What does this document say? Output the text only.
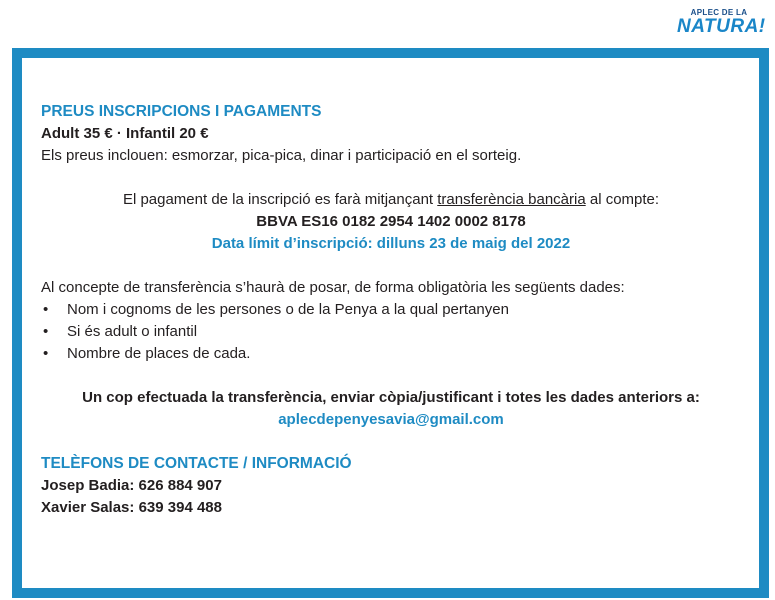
APLEC DE LA
NATURA!

PREUS INSCRIPCIONS I PAGAMENTS

Adult 35 € · Infantil 20 €

Els preus inclouen: esmorzar, pica-pica, dinar i participació en el sorteig.

El pagament de la inscripció es farà mitjançant transferència bancària al compte:

BBVA ES16 0182 2954 1402 0002 8178

Data límit d’inscripció: dilluns 23 de maig del 2022

Al concepte de transferència s’haurà de posar, de forma obligatòria les següents dades:

• Nom i cognoms de les persones o de la Penya a la qual pertanyen
• Si és adult o infantil
• Nombre de places de cada.

Un cop efectuada la transferència, enviar còpia/justificant i totes les dades anteriors a:

aplecdepenyesavia@gmail.com

TELÈFONS DE CONTACTE / INFORMACIÓ

Josep Badia: 626 884 907

Xavier Salas: 639 394 488
